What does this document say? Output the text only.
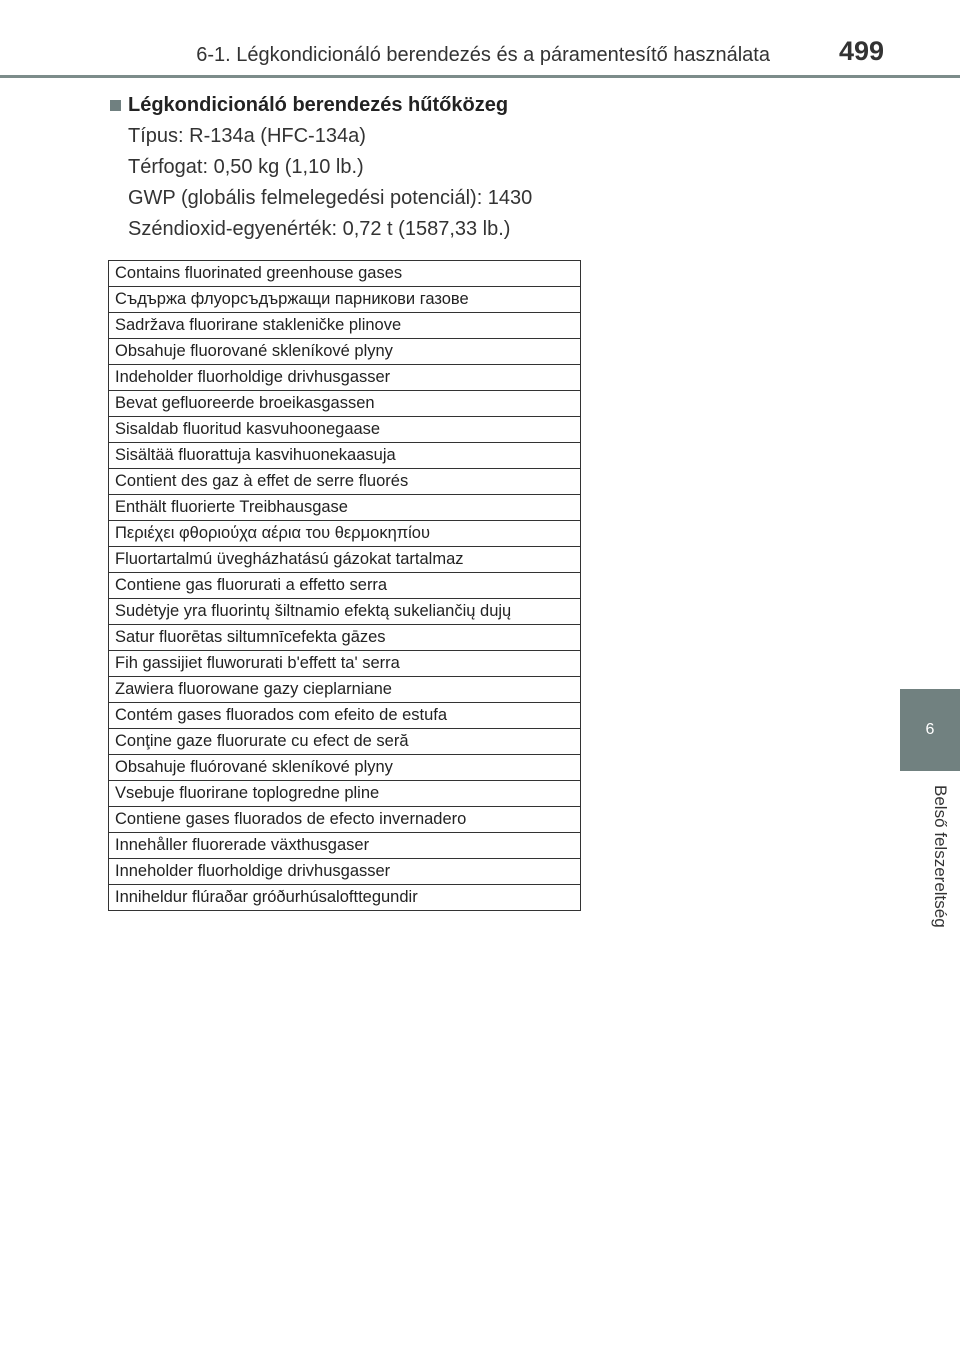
6-1. Légkondicionáló berendezés és a páramentesítő használata	499
6
Belső felszereltség
Légkondicionáló berendezés hűtőközeg
Típus: R-134a (HFC-134a)
Térfogat: 0,50 kg (1,10 lb.)
GWP (globális felmelegedési potenciál): 1430
Széndioxid-egyenérték: 0,72 t (1587,33 lb.)
Contains fluorinated greenhouse gases
Съдържа флуорсъдържащи парникови газове
Sadržava fluorirane stakleničke plinove
Obsahuje fluorované skleníkové plyny
Indeholder fluorholdige drivhusgasser
Bevat gefluoreerde broeikasgassen
Sisaldab fluoritud kasvuhoonegaase
Sisältää fluorattuja kasvihuonekaasuja
Contient des gaz à effet de serre fluorés
Enthält fluorierte Treibhausgase
Περιέχει φθοριούχα αέρια του θερμοκηπίου
Fluortartalmú üvegházhatású gázokat tartalmaz
Contiene gas fluorurati a effetto serra
Sudėtyje yra fluorintų šiltnamio efektą sukeliančių dujų
Satur fluorētas siltumnīcefekta gāzes
Fih gassijiet fluworurati b'effett ta' serra
Zawiera fluorowane gazy cieplarniane
Contém gases fluorados com efeito de estufa
Conţine gaze fluorurate cu efect de seră
Obsahuje fluórované skleníkové plyny
Vsebuje fluorirane toplogredne pline
Contiene gases fluorados de efecto invernadero
Innehåller fluorerade växthusgaser
Inneholder fluorholdige drivhusgasser
Inniheldur flúraðar gróðurhúsalofttegundir
